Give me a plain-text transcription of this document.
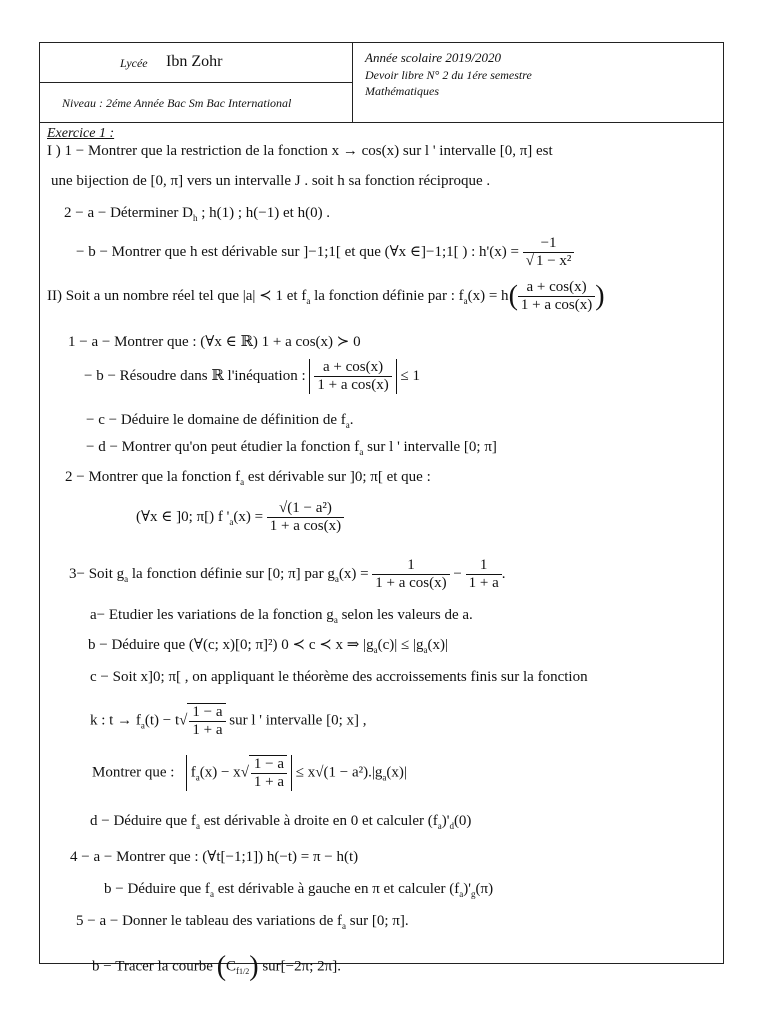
Lycée Ibn Zohr
Niveau : 2éme Année Bac Sm Bac International
Année scolaire 2019/2020
Devoir libre N° 2 du 1ére semestre
Mathématiques
Exercice 1 :
I ) 1 − Montrer que la restriction de la fonction x → cos(x) sur l ' intervalle [0, π] est
une bijection de [0, π] vers un intervalle J . soit h sa fonction réciproque .
2 − a − Déterminer $D_h$ ; h(1) ; h(−1) et h(0) .
− b − Montrer que h est dérivable sur ]−1;1[ et que (∀x ∈]−1;1[ ) : $h'(x) = \frac{-1}{\text{√ 1 − x²}}$
II) Soit a un nombre réel tel que |a| ≺ 1 et $f_a$ la fonction définie par : $f_a(x) = h( \frac{a + \cos(x)}{\text{1 + a cos(x)}}$ )
1 − a − Montrer que : (∀x ∈ ℝ) 1 + a cos(x) ≻ 0
− b − Résoudre dans ℝ l'inéquation : $\frac{a + \cos(x)}{\text{1 + a cos(x)}} \le 1$
− c − Déduire le domaine de définition de $f_a$.
− d − Montrer qu'on peut étudier la fonction $f_a$ sur l ' intervalle [0; π]
2 − Montrer que la fonction $f_a$ est dérivable sur ]0; π[ et que :
(∀x ∈ ]0; π[) f '$_a(x) = \frac{\text{√(1 − a²)}}{\text{1 + a cos(x)}}$
3− Soit $g_a$ la fonction définie sur [0; π] par $g_a(x) = \frac{1}{\text{1 + a cos(x)}} - \frac{1}{1 + a}$ .
a− Etudier les variations de la fonction $g_a$ selon les valeurs de a.
b − Déduire que (∀(c; x)[0; π]²) 0 ≺ c ≺ x ⇒ $|g_a(c)| \le |g_a(x)|$
c − Soit x]0; π[ , on appliquant le théorème des accroissements finis sur la fonction
k : $t \to f_a(t) - t√ \frac{1 - a}{1 + a}$ sur l ' intervalle [0; x] ,
Montrer que : $f_a(x) - x√ \frac{1 - a}{1 + a} \le x√(1 - a^2).|g_a(x)|$
d − Déduire que $f_a$ est dérivable à droite en 0 et calculer $(f_a)'_d(0)$
4 − a − Montrer que : (∀t[−1;1]) h(−t) = π − h(t)
b − Déduire que $f_a$ est dérivable à gauche en π et calculer $(f_a)'_g(\pi)$
5 − a − Donner le tableau des variations de $f_a$ sur [0; π].
b − Tracer la courbe $(C_{f1/2})$ sur[−2π; 2π].
